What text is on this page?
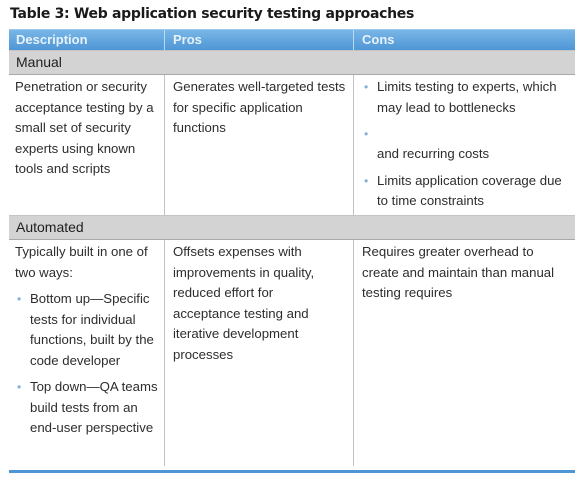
Table 3: Web application security testing approaches
Description	Pros	Cons
Manual
Penetration or security acceptance testing by a small set of security experts using known tools and scripts
Generates well-targeted tests for specific application functions
• Limits testing to experts, which may lead to bottlenecks
•
and recurring costs
• Limits application coverage due to time constraints
Automated
Typically built in one of two ways:
• Bottom up—Specific tests for individual functions, built by the code developer
• Top down—QA teams build tests from an end-user perspective
Offsets expenses with improvements in quality, reduced effort for acceptance testing and iterative development processes
Requires greater overhead to create and maintain than manual testing requires
